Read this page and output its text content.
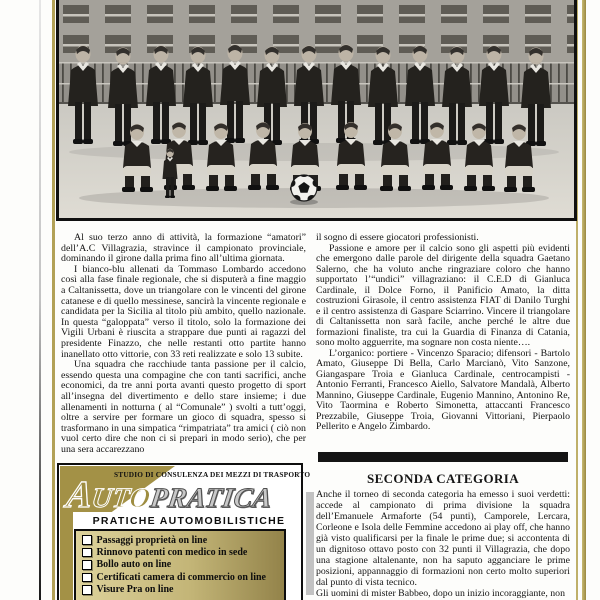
Al suo terzo anno di attività, la formazione “amatori” dell’A.C Villagrazia, stravince il campionato provinciale, dominando il girone dalla prima fino all’ultima giornata.

I bianco-blu allenati da Tommaso Lombardo accedono così alla fase finale regionale, che si disputerà a fine maggio a Caltanissetta, dove un triangolare con le vincenti del girone catanese e di quello messinese, sancirà la vincente regionale e candidata per la Sicilia al titolo più ambito, quello nazionale. In questa “galoppata” verso il titolo, solo la formazione dei Vigili Urbani è riuscita a strappare due punti ai ragazzi del presidente Finazzo, che nelle restanti otto partite hanno inanellato otto vittorie, con 33 reti realizzate e solo 13 subite.

Una squadra che racchiude tanta passione per il calcio, essendo questa una compagine che con tanti sacrifici, anche economici, da tre anni porta avanti questo progetto di sport all’insegna del divertimento e dello stare insieme; i due allenamenti in notturna ( al “Comunale” ) svolti a tutt’oggi, oltre a servire per formare un gioco di squadra, spesso si trasformano in una simpatica “rimpatriata” tra amici ( ciò non vuol certo dire che non ci si prepari in modo serio), che per una sera accarezzano

il sogno di essere giocatori professionisti.

Passione e amore per il calcio sono gli aspetti più evidenti che emergono dalle parole del dirigente della squadra Gaetano Salerno, che ha voluto anche ringraziare coloro che hanno supportato l’“undici” villagraziano: il C.E.D di Gianluca Cardinale, il Dolce Forno, il Panificio Amato, la ditta costruzioni Girasole, il centro assistenza FIAT di Danilo Turghi e il centro assistenza di Gaspare Sciarrino. Vincere il triangolare di Caltanissetta non sarà facile, anche perché le altre due formazioni finaliste, tra cui la Guardia di Finanza di Catania, sono molto agguerrite, ma sognare non costa niente….

L’organico: portiere - Vincenzo Sparacio; difensori - Bartolo Amato, Giuseppe Di Bella, Carlo Marcianò, Vito Sanzone, Giangaspare Troia e Gianluca Cardinale, centrocampisti - Antonio Ferranti, Francesco Aiello, Salvatore Mandalà, Alberto Mannino, Giuseppe Cardinale, Eugenio Mannino, Antonino Re, Vito Taormina e Roberto Simonetta, attaccanti Francesco Prezzabile, Giuseppe Troia, Giovanni Vittoriani, Pierpaolo Pellerito e Angelo Zimbardo.

SECONDA CATEGORIA

Anche il torneo di seconda categoria ha emesso i suoi verdetti: accede al campionato di prima divisione la squadra dell’Emanuele Armaforte (54 punti), Camporele, Lercara, Corleone e Isola delle Femmine accedono ai play off, che hanno già visto qualificarsi per la finale le prime due; si accontenta di un dignitoso ottavo posto con 32 punti il Villagrazia, che dopo una stagione altalenante, non ha saputo agganciare le prime posizioni, appannaggio di formazioni non certo molto superiori dal punto di vista tecnico.

Gli uomini di mister Babbeo, dopo un inizio incoraggiante, non

STUDIO DI CONSULENZA DEI MEZZI DI TRASPORTO
AUTOPRATICA
PRATICHE AUTOMOBILISTICHE
Passaggi proprietà on line
Rinnovo patenti con medico in sede
Bollo auto on line
Certificati camera di commercio on line
Visure Pra on line
